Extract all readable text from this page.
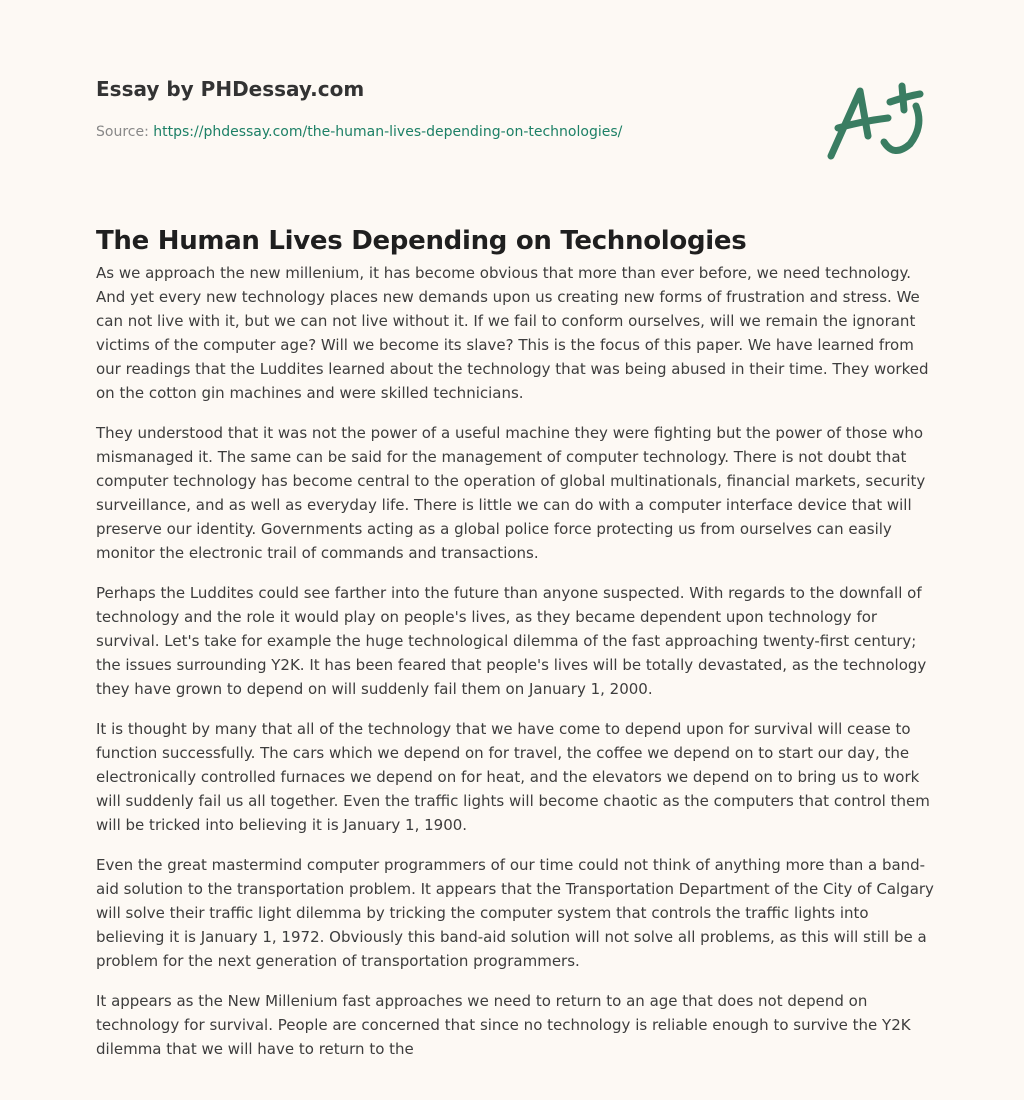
Essay by PHDessay.com
Source: https://phdessay.com/the-human-lives-depending-on-technologies/
The Human Lives Depending on Technologies

As we approach the new millenium, it has become obvious that more than ever before, we need technology. And yet every new technology places new demands upon us creating new forms of frustration and stress. We can not live with it, but we can not live without it. If we fail to conform ourselves, will we remain the ignorant victims of the computer age? Will we become its slave? This is the focus of this paper. We have learned from our readings that the Luddites learned about the technology that was being abused in their time. They worked on the cotton gin machines and were skilled technicians.

They understood that it was not the power of a useful machine they were fighting but the power of those who mismanaged it. The same can be said for the management of computer technology. There is not doubt that computer technology has become central to the operation of global multinationals, financial markets, security surveillance, and as well as everyday life. There is little we can do with a computer interface device that will preserve our identity. Governments acting as a global police force protecting us from ourselves can easily monitor the electronic trail of commands and transactions.

Perhaps the Luddites could see farther into the future than anyone suspected. With regards to the downfall of technology and the role it would play on people's lives, as they became dependent upon technology for survival. Let's take for example the huge technological dilemma of the fast approaching twenty-first century; the issues surrounding Y2K. It has been feared that people's lives will be totally devastated, as the technology they have grown to depend on will suddenly fail them on January 1, 2000.

It is thought by many that all of the technology that we have come to depend upon for survival will cease to function successfully. The cars which we depend on for travel, the coffee we depend on to start our day, the electronically controlled furnaces we depend on for heat, and the elevators we depend on to bring us to work will suddenly fail us all together. Even the traffic lights will become chaotic as the computers that control them will be tricked into believing it is January 1, 1900.

Even the great mastermind computer programmers of our time could not think of anything more than a band-aid solution to the transportation problem. It appears that the Transportation Department of the City of Calgary will solve their traffic light dilemma by tricking the computer system that controls the traffic lights into believing it is January 1, 1972. Obviously this band-aid solution will not solve all problems, as this will still be a problem for the next generation of transportation programmers.

It appears as the New Millenium fast approaches we need to return to an age that does not depend on technology for survival. People are concerned that since no technology is reliable enough to survive the Y2K dilemma that we will have to return to the
